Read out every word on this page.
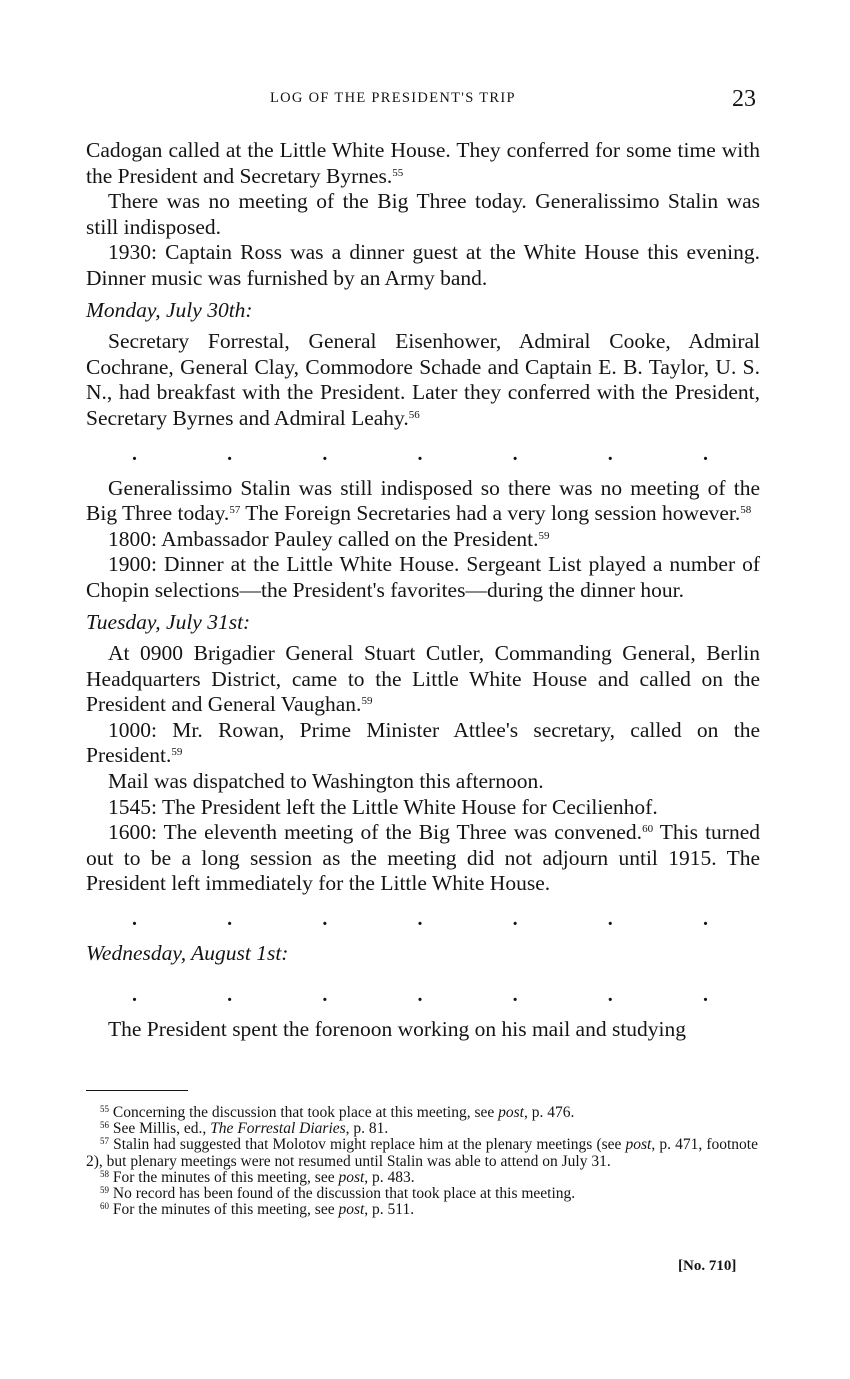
LOG OF THE PRESIDENT'S TRIP	23

Cadogan called at the Little White House. They conferred for some time with the President and Secretary Byrnes.$^{55}$

There was no meeting of the Big Three today. Generalissimo Stalin was still indisposed.

1930: Captain Ross was a dinner guest at the White House this evening. Dinner music was furnished by an Army band.

Monday, July 30th:

Secretary Forrestal, General Eisenhower, Admiral Cooke, Admiral Cochrane, General Clay, Commodore Schade and Captain E. B. Taylor, U. S. N., had breakfast with the President. Later they conferred with the President, Secretary Byrnes and Admiral Leahy.$^{56}$

.	.	.	.	.	.	.

Generalissimo Stalin was still indisposed so there was no meeting of the Big Three today.$^{57}$ The Foreign Secretaries had a very long session however.$^{58}$

1800: Ambassador Pauley called on the President.$^{59}$

1900: Dinner at the Little White House. Sergeant List played a number of Chopin selections—the President's favorites—during the dinner hour.

Tuesday, July 31st:

At 0900 Brigadier General Stuart Cutler, Commanding General, Berlin Headquarters District, came to the Little White House and called on the President and General Vaughan.$^{59}$

1000: Mr. Rowan, Prime Minister Attlee's secretary, called on the President.$^{59}$

Mail was dispatched to Washington this afternoon.

1545: The President left the Little White House for Cecilienhof.

1600: The eleventh meeting of the Big Three was convened.$^{60}$ This turned out to be a long session as the meeting did not adjourn until 1915. The President left immediately for the Little White House.

.	.	.	.	.	.	.

Wednesday, August 1st:

.	.	.	.	.	.	.

The President spent the forenoon working on his mail and studying

$^{55}$ Concerning the discussion that took place at this meeting, see post, p. 476.

$^{56}$ See Millis, ed., The Forrestal Diaries, p. 81.

$^{57}$ Stalin had suggested that Molotov might replace him at the plenary meetings (see post, p. 471, footnote 2), but plenary meetings were not resumed until Stalin was able to attend on July 31.

$^{58}$ For the minutes of this meeting, see post, p. 483.

$^{59}$ No record has been found of the discussion that took place at this meeting.

$^{60}$ For the minutes of this meeting, see post, p. 511.

[No. 710]
